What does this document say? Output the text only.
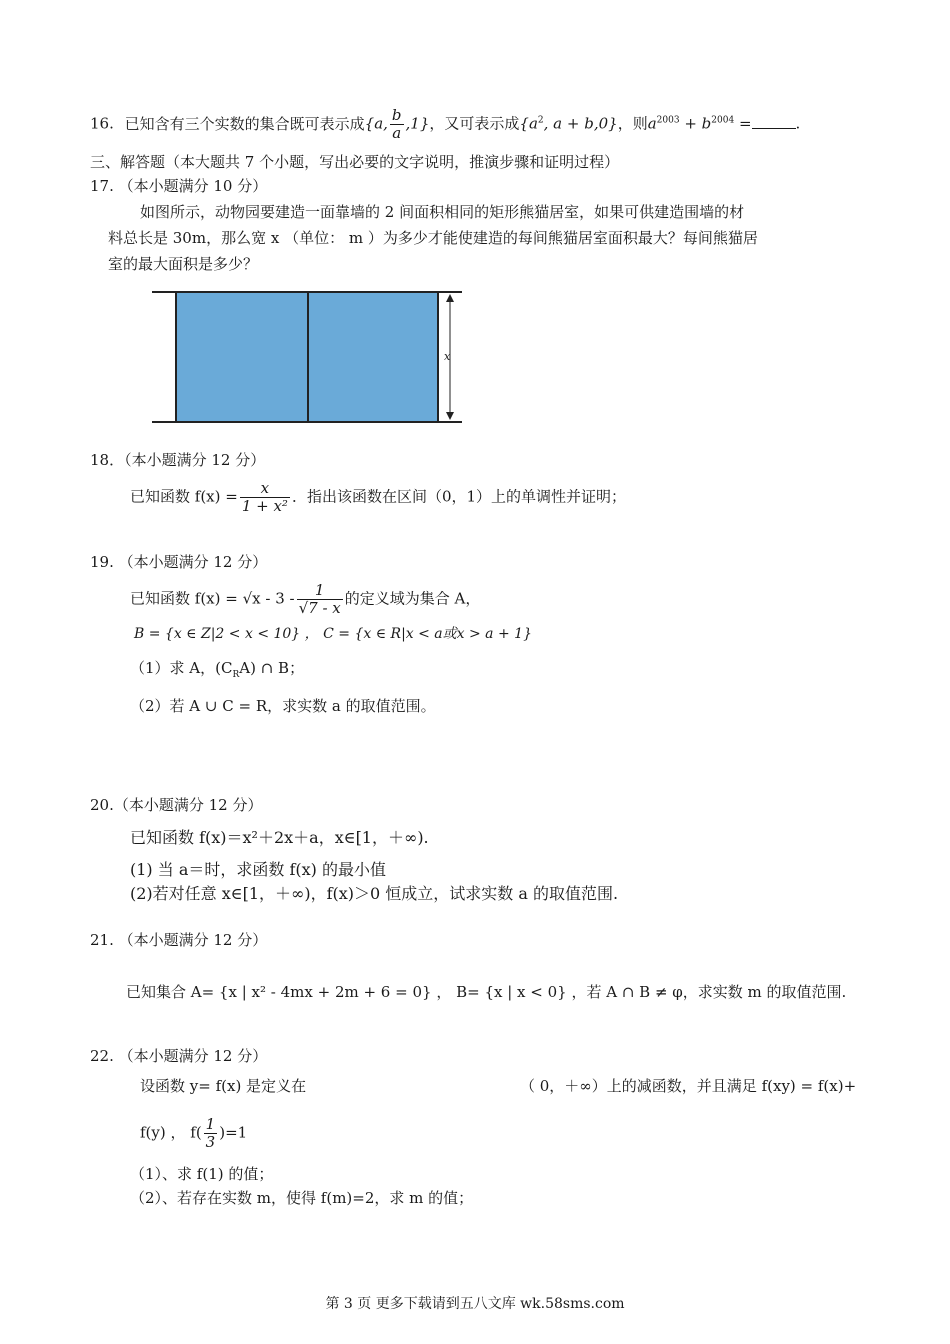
16. 已知含有三个实数的集合既可表示成{a, $\frac{b}{a} ,1$}，又可表示成{$a^2$, a + b,0}，则$a^{2003} + b^{2004}$ =	.
三、解答题（本大题共 7 个小题，写出必要的文字说明，推演步骤和证明过程）
17. （本小题满分 10 分）
如图所示，动物园要建造一面靠墙的 2 间面积相同的矩形熊猫居室，如果可供建造围墙的材
料总长是 30m，那么宽 x （单位： m ）为多少才能使建造的每间熊猫居室面积最大？每间熊猫居
室的最大面积是多少？
x
18．（本小题满分 12 分）
已知函数 $f(x) = \frac{x}{\text{1 + x²}}$ ．指出该函数在区间（0，1）上的单调性并证明；
19. （本小题满分 12 分）
已知函数 $f(x) = √x - 3 - \frac{1}{√7 - x}$ 的定义域为集合 A，
B = {x ∈ Z|2 < x < 10} ， C = {x ∈ R|x < a或x > a + 1}
（1）求 A，$(C_RA)$ ∩ B；
（2）若 A ∪ C = R，求实数 a 的取值范围。
20.（本小题满分 12 分）
已知函数 f(x)＝x²＋2x＋a，x∈[1，＋∞).
(1) 当 a＝时，求函数 f(x) 的最小值
(2)若对任意 x∈[1，＋∞)，f(x)＞0 恒成立，试求实数 a 的取值范围.
21. （本小题满分 12 分）
已知集合 A= {x | x² - 4mx + 2m + 6 = 0} ， B= {x | x < 0} ，若 A ∩ B ≠ φ，求实数 m 的取值范围.
22. （本小题满分 12 分）
设函数 y= f(x) 是定义在	（ 0，＋∞）上的减函数，并且满足 f(xy) = f(x)+
f(y) ， $f( \frac{1}{3} )=1$
（1）、求 f(1) 的值；
（2）、若存在实数 m，使得 f(m)=2，求 m 的值；
第 3 页 更多下载请到五八文库 wk.58sms.com
